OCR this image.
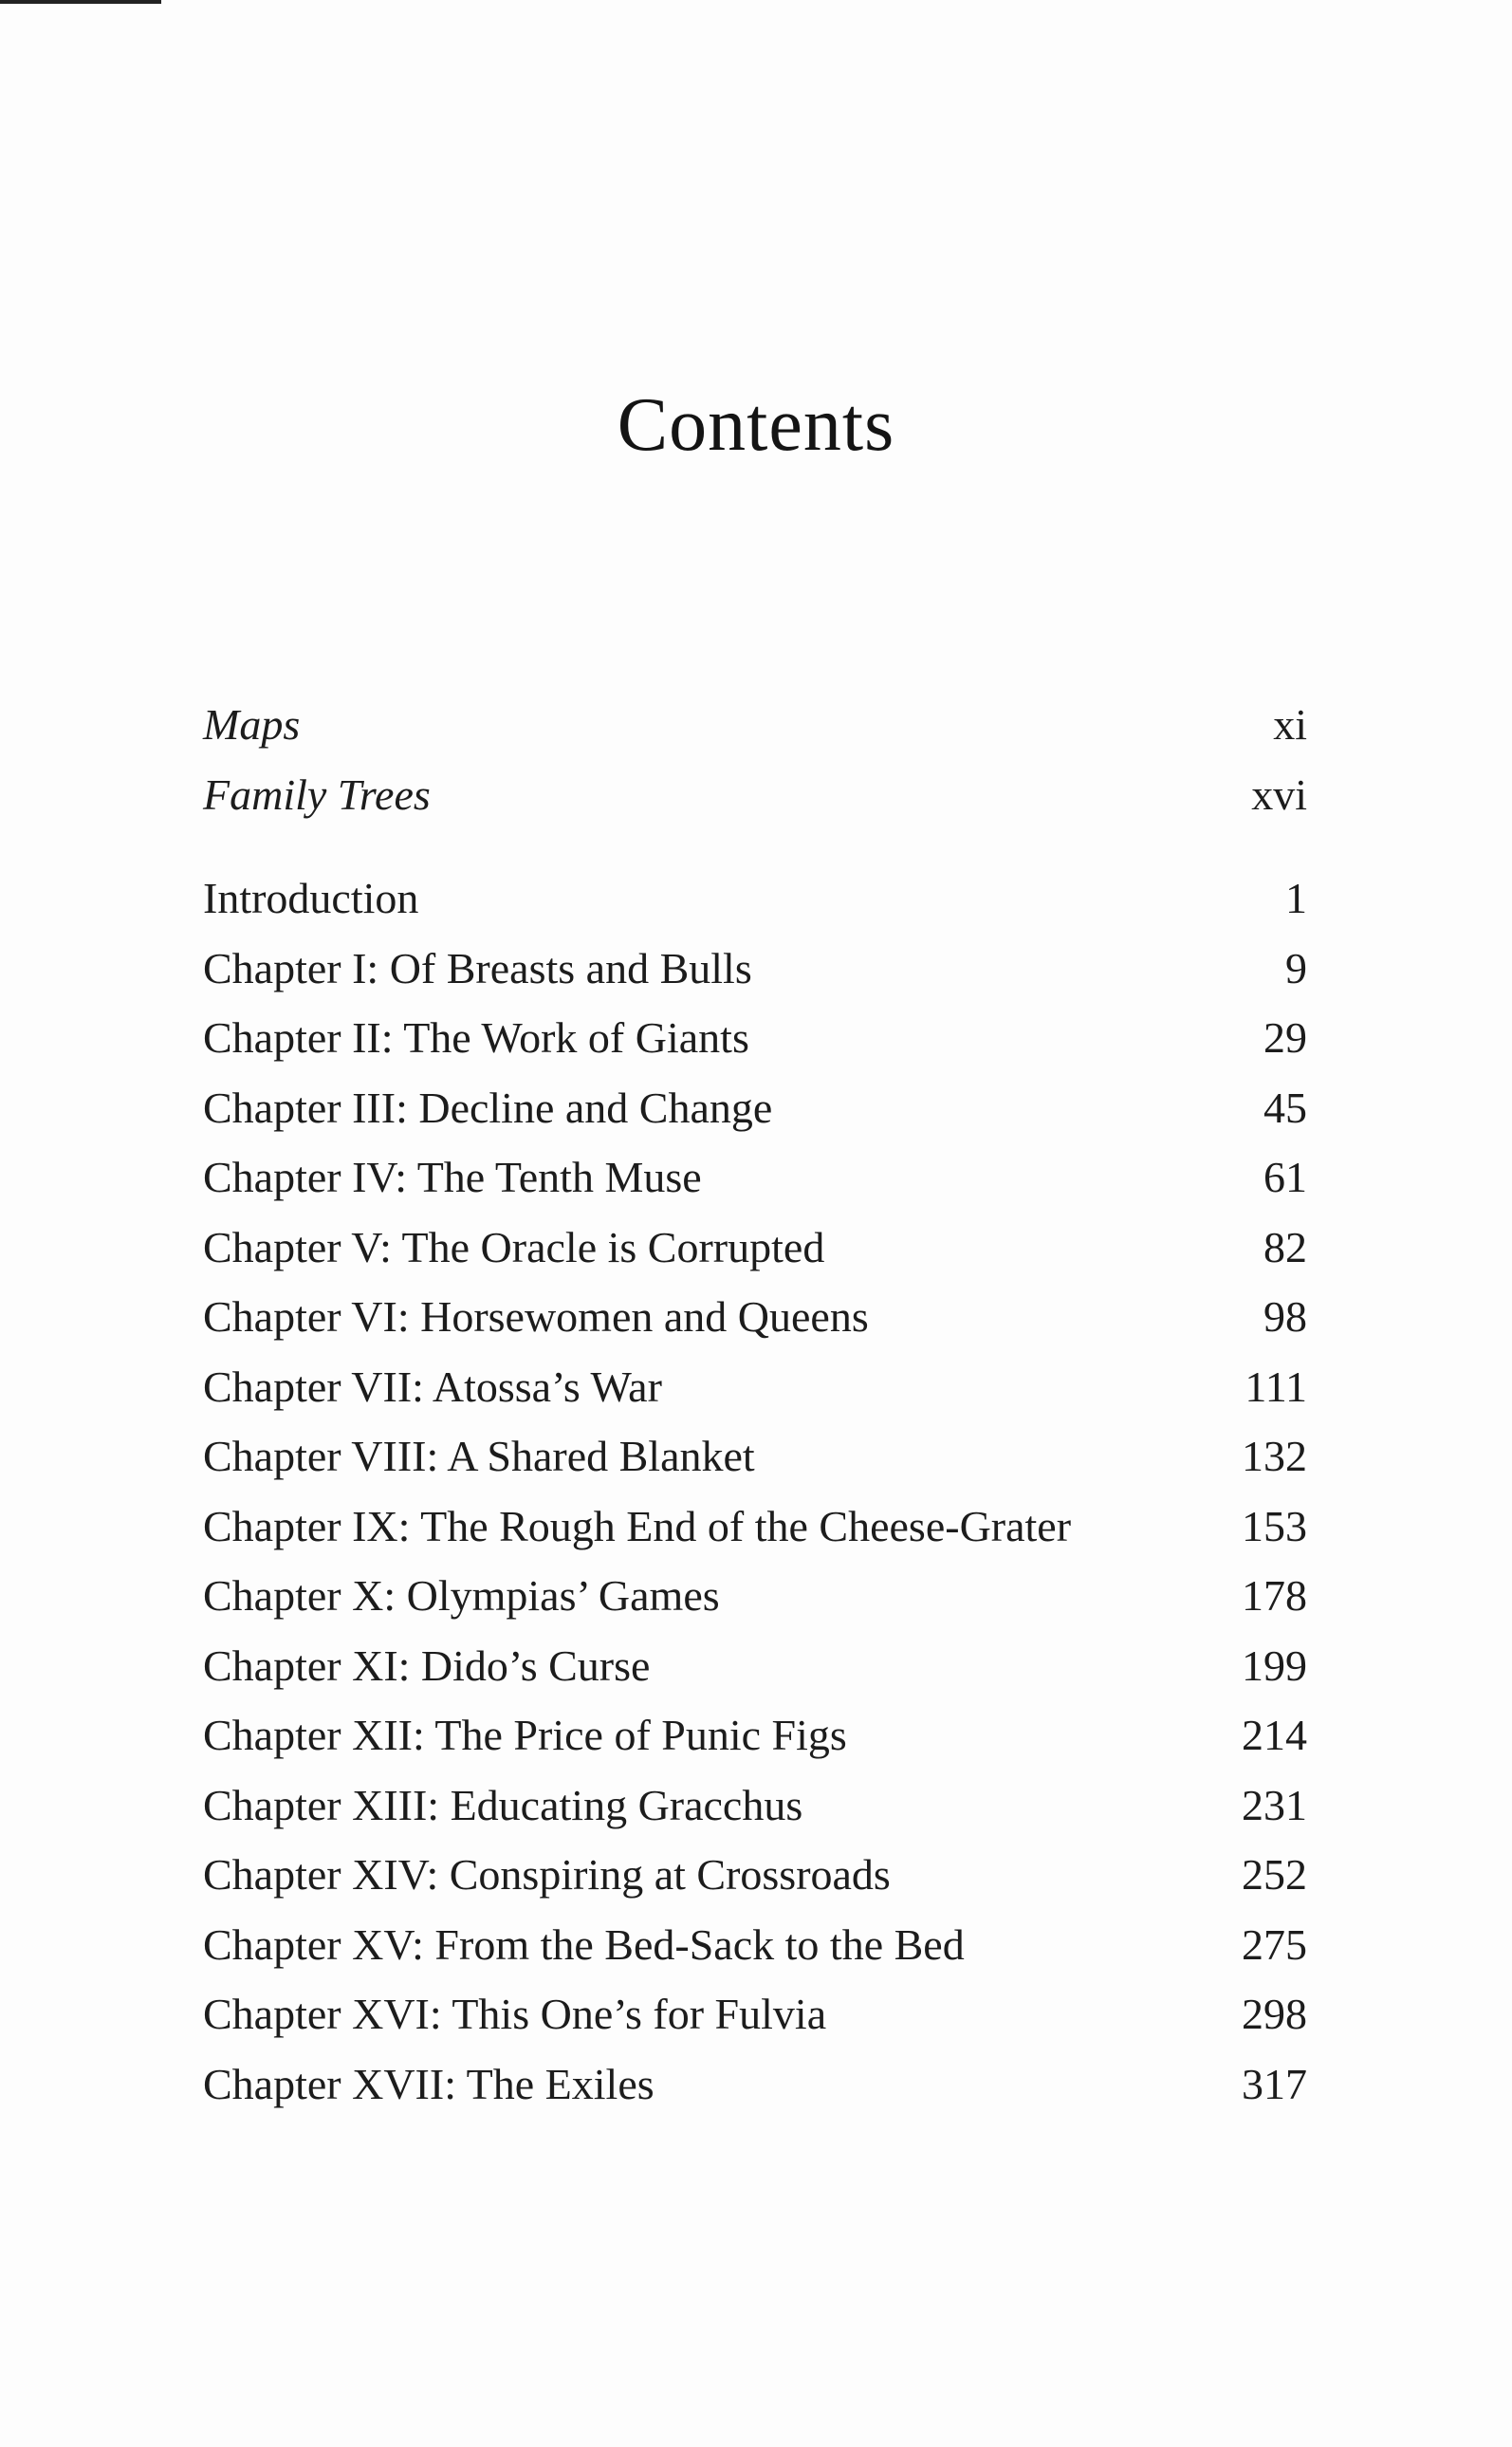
Contents
Maps	xi
Family Trees	xvi
Introduction	1
Chapter I: Of Breasts and Bulls	9
Chapter II: The Work of Giants	29
Chapter III: Decline and Change	45
Chapter IV: The Tenth Muse	61
Chapter V: The Oracle is Corrupted	82
Chapter VI: Horsewomen and Queens	98
Chapter VII: Atossa’s War	111
Chapter VIII: A Shared Blanket	132
Chapter IX: The Rough End of the Cheese-Grater	153
Chapter X: Olympias’ Games	178
Chapter XI: Dido’s Curse	199
Chapter XII: The Price of Punic Figs	214
Chapter XIII: Educating Gracchus	231
Chapter XIV: Conspiring at Crossroads	252
Chapter XV: From the Bed-Sack to the Bed	275
Chapter XVI: This One’s for Fulvia	298
Chapter XVII: The Exiles	317
